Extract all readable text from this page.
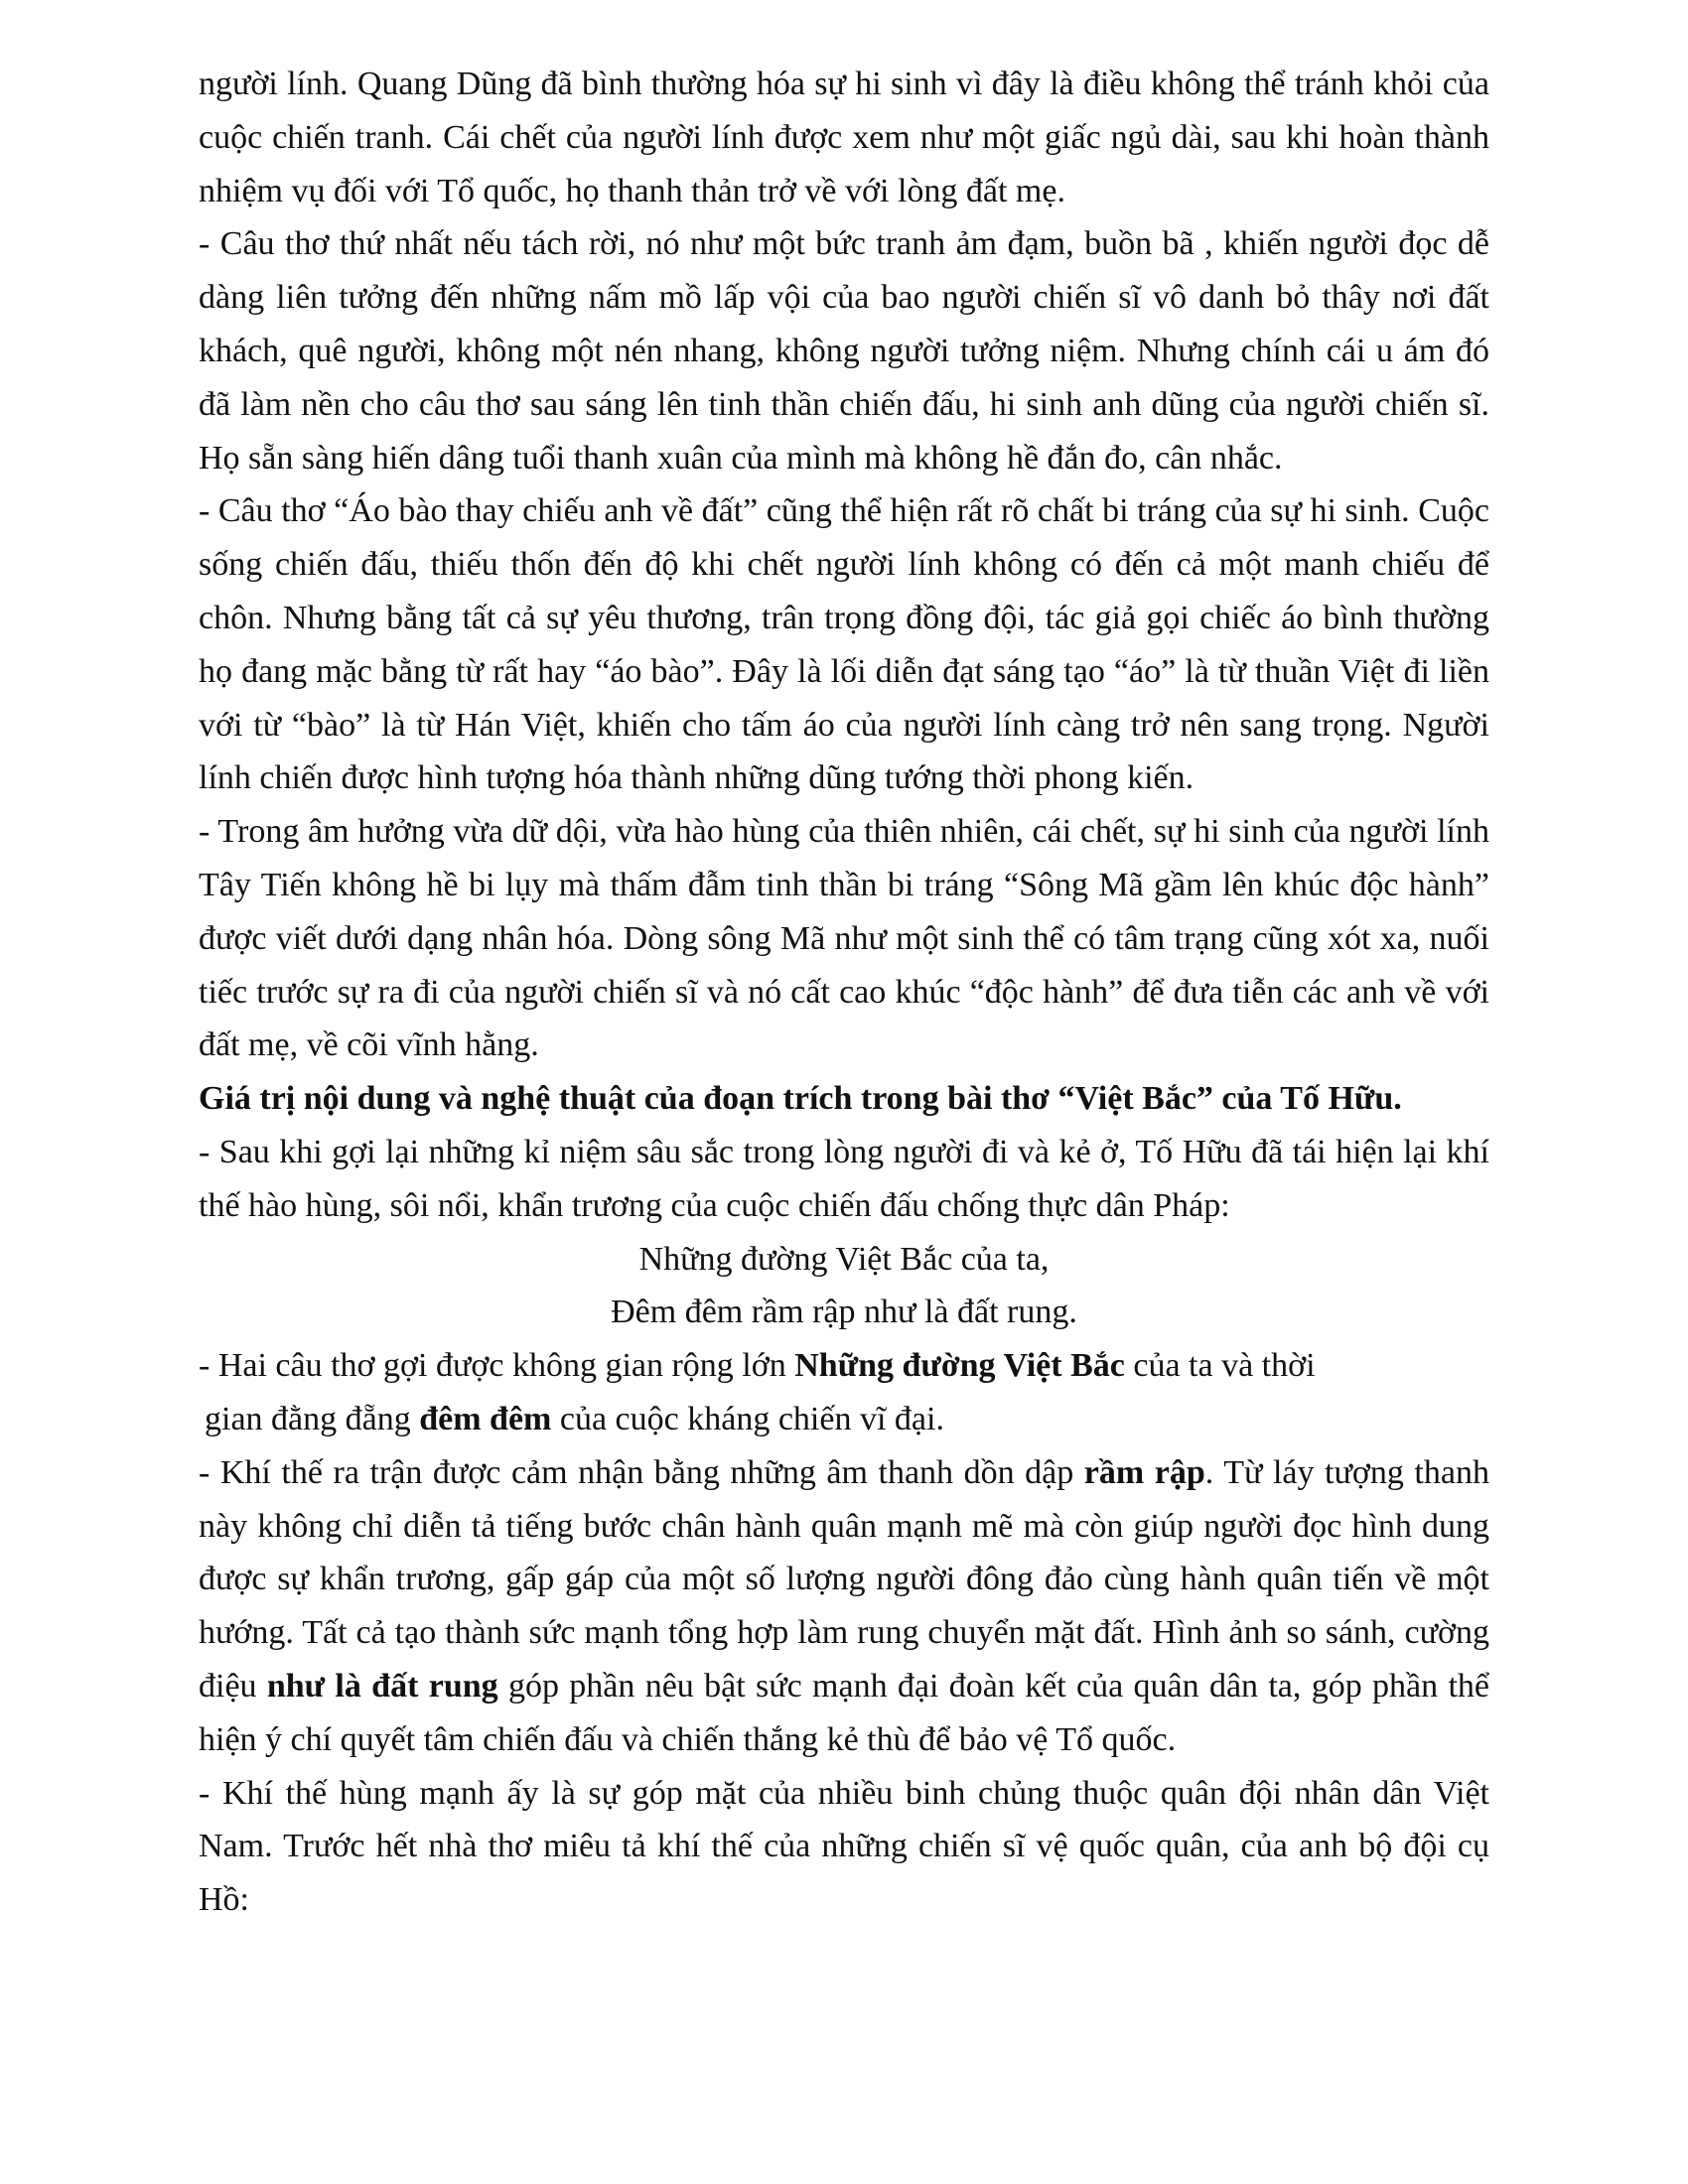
người lính. Quang Dũng đã bình thường hóa sự hi sinh vì đây là điều không thể tránh khỏi của cuộc chiến tranh. Cái chết của người lính được xem như một giấc ngủ dài, sau khi hoàn thành nhiệm vụ đối với Tổ quốc, họ thanh thản trở về với lòng đất mẹ.

- Câu thơ thứ nhất nếu tách rời, nó như một bức tranh ảm đạm, buồn bã , khiến người đọc dễ dàng liên tưởng đến những nấm mồ lấp vội của bao người chiến sĩ vô danh bỏ thây nơi đất khách, quê người, không một nén nhang, không người tưởng niệm. Nhưng chính cái u ám đó đã làm nền cho câu thơ sau sáng lên tinh thần chiến đấu, hi sinh anh dũng của người chiến sĩ. Họ sẵn sàng hiến dâng tuổi thanh xuân của mình mà không hề đắn đo, cân nhắc.

- Câu thơ “Áo bào thay chiếu anh về đất” cũng thể hiện rất rõ chất bi tráng của sự hi sinh. Cuộc sống chiến đấu, thiếu thốn đến độ khi chết người lính không có đến cả một manh chiếu để chôn. Nhưng bằng tất cả sự yêu thương, trân trọng đồng đội, tác giả gọi chiếc áo bình thường họ đang mặc bằng từ rất hay “áo bào”. Đây là lối diễn đạt sáng tạo “áo” là từ thuần Việt đi liền với từ “bào” là từ Hán Việt, khiến cho tấm áo của người lính càng trở nên sang trọng. Người lính chiến được hình tượng hóa thành những dũng tướng thời phong kiến.

- Trong âm hưởng vừa dữ dội, vừa hào hùng của thiên nhiên, cái chết, sự hi sinh của người lính Tây Tiến không hề bi lụy mà thấm đẫm tinh thần bi tráng “Sông Mã gầm lên khúc độc hành” được viết dưới dạng nhân hóa. Dòng sông Mã như một sinh thể có tâm trạng cũng xót xa, nuối tiếc trước sự ra đi của người chiến sĩ và nó cất cao khúc “độc hành” để đưa tiễn các anh về với đất mẹ, về cõi vĩnh hằng.

Giá trị nội dung và nghệ thuật của đoạn trích trong bài thơ “Việt Bắc” của Tố Hữu.

- Sau khi gợi lại những kỉ niệm sâu sắc trong lòng người đi và kẻ ở, Tố Hữu đã tái hiện lại khí thế hào hùng, sôi nổi, khẩn trương của cuộc chiến đấu chống thực dân Pháp:

Những đường Việt Bắc của ta,

Đêm đêm rầm rập như là đất rung.

- Hai câu thơ gợi được không gian rộng lớn Những đường Việt Bắc của ta và thời
gian đằng đẵng đêm đêm của cuộc kháng chiến vĩ đại.

- Khí thế ra trận được cảm nhận bằng những âm thanh dồn dập rầm rập. Từ láy tượng thanh này không chỉ diễn tả tiếng bước chân hành quân mạnh mẽ mà còn giúp người đọc hình dung được sự khẩn trương, gấp gáp của một số lượng người đông đảo cùng hành quân tiến về một hướng. Tất cả tạo thành sức mạnh tổng hợp làm rung chuyển mặt đất. Hình ảnh so sánh, cường điệu như là đất rung góp phần nêu bật sức mạnh đại đoàn kết của quân dân ta, góp phần thể hiện ý chí quyết tâm chiến đấu và chiến thắng kẻ thù để bảo vệ Tổ quốc.

- Khí thế hùng mạnh ấy là sự góp mặt của nhiều binh chủng thuộc quân đội nhân dân Việt Nam. Trước hết nhà thơ miêu tả khí thế của những chiến sĩ vệ quốc quân, của anh bộ đội cụ Hồ:
